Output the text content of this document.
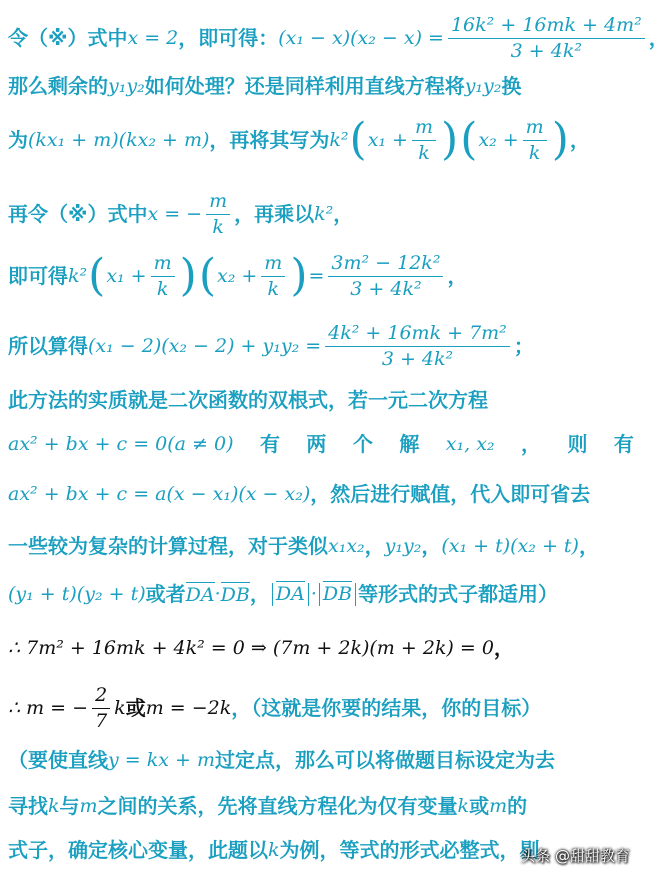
令（※）式中 x = 2 ，即可得： $(x_1 - x)(x_2 - x) = \frac{\text{16k² + 16mk + 4m²}}{\text{3 + 4k²}}$ ，
那么剩余的 y₁y₂ 如何处理？还是同样利用直线方程将 y₁y₂ 换
为 (kx₁ + m)(kx₂ + m) ，再将其写为 k² ( $x_1 + \frac{m}{k}$ ) ( $x_2 + \frac{m}{k}$ ) ，
再令（※）式中 x = − $\frac{m}{k}$ ，再乘以 k² ，
即可得 k² ( $x_1 + \frac{m}{k}$ ) ( $x_2 + \frac{m}{k}$ ) = $\frac{\text{3m² − 12k²}}{\text{3 + 4k²}}$ ，
所以算得 $(x_1 - 2)(x_2 - 2) + y_1y_2 = \frac{\text{4k² + 16mk + 7m²}}{\text{3 + 4k²}}$ ；
此方法的实质就是二次函数的双根式，若一元二次方程
ax² + bx + c = 0(a ≠ 0) 有 两 个 解 x₁, x₂ ， 则 有
ax² + bx + c = a(x − x₁)(x − x₂) ，然后进行赋值，代入即可省去
一些较为复杂的计算过程，对于类似 x₁x₂ ， y₁y₂ ， (x₁ + t)(x₂ + t) ，
(y₁ + t)(y₂ + t) 或者 DA · DB ， DA · DB 等形式的式子都适用）
∴ 7m² + 16mk + 4k² = 0 ⇒ (7m + 2k)(m + 2k) = 0 ，
∴ m = − $\frac{2}{7}$ k 或 m = −2k ，（这就是你要的结果，你的目标）
（要使直线 y = kx + m 过定点，那么可以将做题目标设定为去
寻找 k 与 m 之间的关系，先将直线方程化为仅有变量 k 或 m 的
式子，确定核心变量，此题以 k 为例，等式的形式必整式，剔
头条 @甜甜教育
